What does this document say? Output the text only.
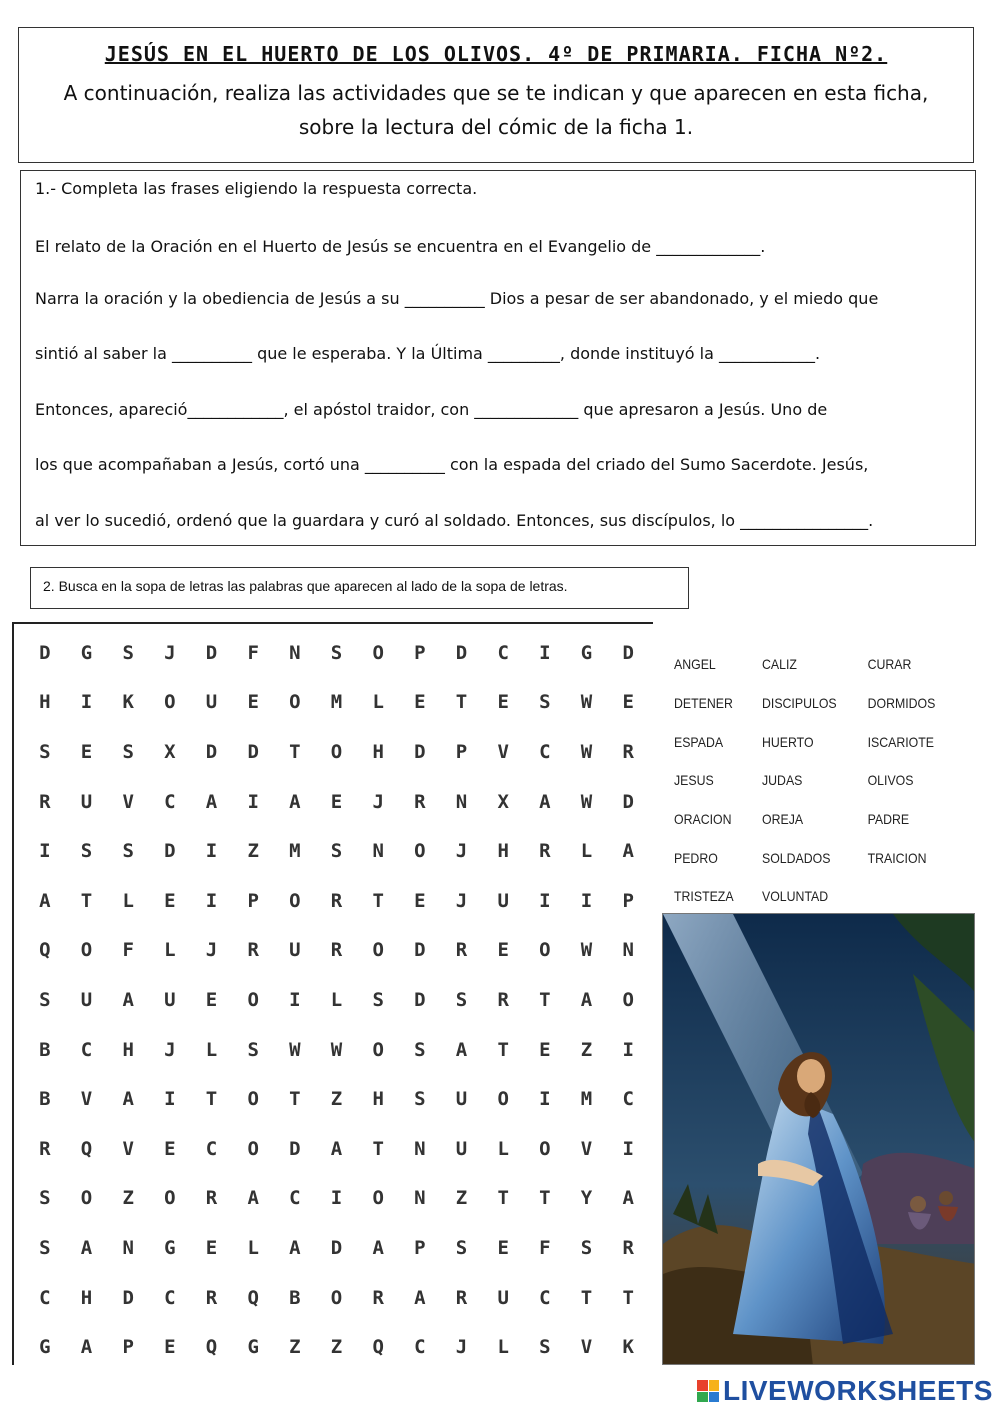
JESÚS EN EL HUERTO DE LOS OLIVOS. 4º DE PRIMARIA. FICHA Nº2.
A continuación, realiza las actividades que se te indican y que aparecen en esta ficha, sobre la lectura del cómic de la ficha 1.

1.- Completa las frases eligiendo la respuesta correcta.

El relato de la Oración en el Huerto de Jesús se encuentra en el Evangelio de _____________.

Narra la oración y la obediencia de Jesús a su __________ Dios a pesar de ser abandonado, y el miedo que

sintió al saber la __________ que le esperaba. Y la Última _________, donde instituyó la ____________.

Entonces, apareció____________, el apóstol traidor, con _____________ que apresaron a Jesús. Uno de

los que acompañaban a Jesús, cortó una __________ con la espada del criado del Sumo Sacerdote. Jesús,

al ver lo sucedió, ordenó que la guardara y curó al soldado. Entonces, sus discípulos, lo ________________.

2. Busca en la sopa de letras las palabras que aparecen al lado de la sopa de letras.
D	G	S	J	D	F	N	S	O	P	D	C	I	G	D
H	I	K	O	U	E	O	M	L	E	T	E	S	W	E
S	E	S	X	D	D	T	O	H	D	P	V	C	W	R
R	U	V	C	A	I	A	E	J	R	N	X	A	W	D
I	S	S	D	I	Z	M	S	N	O	J	H	R	L	A
A	T	L	E	I	P	O	R	T	E	J	U	I	I	P
Q	O	F	L	J	R	U	R	O	D	R	E	O	W	N
S	U	A	U	E	O	I	L	S	D	S	R	T	A	O
B	C	H	J	L	S	W	W	O	S	A	T	E	Z	I
B	V	A	I	T	O	T	Z	H	S	U	O	I	M	C
R	Q	V	E	C	O	D	A	T	N	U	L	O	V	I
S	O	Z	O	R	A	C	I	O	N	Z	T	T	Y	A
S	A	N	G	E	L	A	D	A	P	S	E	F	S	R
C	H	D	C	R	Q	B	O	R	A	R	U	C	T	T
G	A	P	E	Q	G	Z	Z	Q	C	J	L	S	V	K
ANGEL	CALIZ	CURAR
DETENER	DISCIPULOS	DORMIDOS
ESPADA	HUERTO	ISCARIOTE
JESUS	JUDAS	OLIVOS
ORACION	OREJA	PADRE
PEDRO	SOLDADOS	TRAICION
TRISTEZA	VOLUNTAD
LIVEWORKSHEETS
